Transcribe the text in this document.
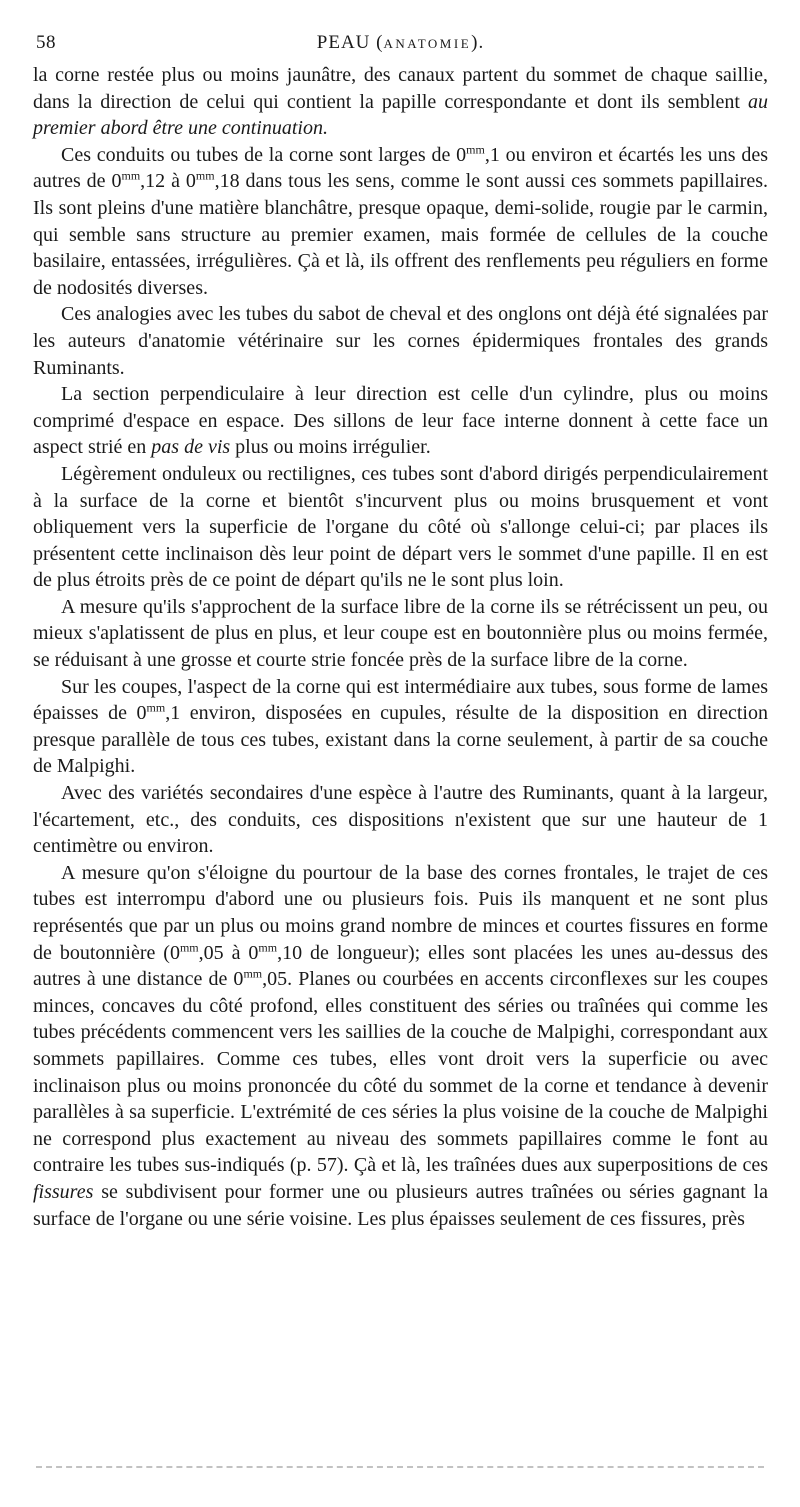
58	PEAU (ANATOMIE).

la corne restée plus ou moins jaunâtre, des canaux partent du sommet de chaque saillie, dans la direction de celui qui contient la papille correspondante et dont ils semblent au premier abord être une continuation.

Ces conduits ou tubes de la corne sont larges de $0^{mm},1$ ou environ et écartés les uns des autres de $0^{mm},12$ à $0^{mm},18$ dans tous les sens, comme le sont aussi ces sommets papillaires. Ils sont pleins d'une matière blanchâtre, presque opaque, demi-solide, rougie par le carmin, qui semble sans structure au premier examen, mais formée de cellules de la couche basilaire, entassées, irrégulières. Çà et là, ils offrent des renflements peu réguliers en forme de nodosités diverses.

Ces analogies avec les tubes du sabot de cheval et des onglons ont déjà été signalées par les auteurs d'anatomie vétérinaire sur les cornes épidermiques frontales des grands Ruminants.

La section perpendiculaire à leur direction est celle d'un cylindre, plus ou moins comprimé d'espace en espace. Des sillons de leur face interne donnent à cette face un aspect strié en pas de vis plus ou moins irrégulier.

Légèrement onduleux ou rectilignes, ces tubes sont d'abord dirigés perpendiculairement à la surface de la corne et bientôt s'incurvent plus ou moins brusquement et vont obliquement vers la superficie de l'organe du côté où s'allonge celui-ci; par places ils présentent cette inclinaison dès leur point de départ vers le sommet d'une papille. Il en est de plus étroits près de ce point de départ qu'ils ne le sont plus loin.

A mesure qu'ils s'approchent de la surface libre de la corne ils se rétrécissent un peu, ou mieux s'aplatissent de plus en plus, et leur coupe est en boutonnière plus ou moins fermée, se réduisant à une grosse et courte strie foncée près de la surface libre de la corne.

Sur les coupes, l'aspect de la corne qui est intermédiaire aux tubes, sous forme de lames épaisses de $0^{mm},1$ environ, disposées en cupules, résulte de la disposition en direction presque parallèle de tous ces tubes, existant dans la corne seulement, à partir de sa couche de Malpighi.

Avec des variétés secondaires d'une espèce à l'autre des Ruminants, quant à la largeur, l'écartement, etc., des conduits, ces dispositions n'existent que sur une hauteur de 1 centimètre ou environ.

A mesure qu'on s'éloigne du pourtour de la base des cornes frontales, le trajet de ces tubes est interrompu d'abord une ou plusieurs fois. Puis ils manquent et ne sont plus représentés que par un plus ou moins grand nombre de minces et courtes fissures en forme de boutonnière ($0^{mm},05$ à $0^{mm},10$ de longueur); elles sont placées les unes au-dessus des autres à une distance de $0^{mm},05$. Planes ou courbées en accents circonflexes sur les coupes minces, concaves du côté profond, elles constituent des séries ou traînées qui comme les tubes précédents commencent vers les saillies de la couche de Malpighi, correspondant aux sommets papillaires. Comme ces tubes, elles vont droit vers la superficie ou avec inclinaison plus ou moins prononcée du côté du sommet de la corne et tendance à devenir parallèles à sa superficie. L'extrémité de ces séries la plus voisine de la couche de Malpighi ne correspond plus exactement au niveau des sommets papillaires comme le font au contraire les tubes sus-indiqués (p. 57). Çà et là, les traînées dues aux superpositions de ces fissures se subdivisent pour former une ou plusieurs autres traînées ou séries gagnant la surface de l'organe ou une série voisine. Les plus épaisses seulement de ces fissures, près
